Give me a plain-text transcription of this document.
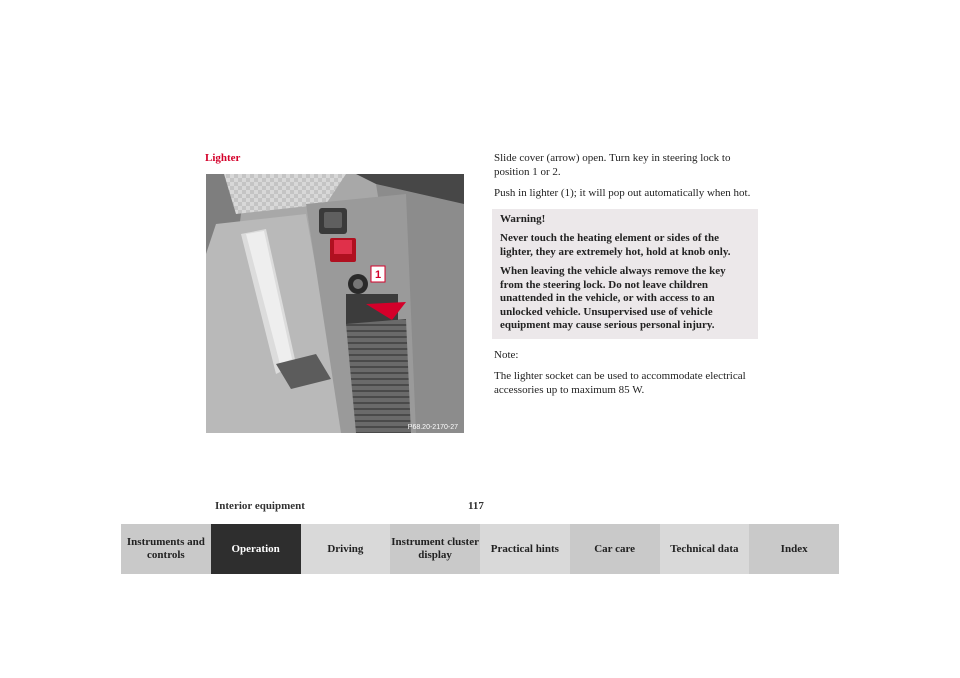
Lighter
1
P68.20-2170-27

Slide cover (arrow) open. Turn key in steering lock to position 1 or 2.

Push in lighter (1); it will pop out automatically when hot.

Warning!
Never touch the heating element or sides of the lighter, they are extremely hot, hold at knob only.
When leaving the vehicle always remove the key from the steering lock. Do not leave children unattended in the vehicle, or with access to an unlocked vehicle. Unsupervised use of vehicle equipment may cause serious personal injury.

Note:

The lighter socket can be used to accommodate electrical accessories up to maximum 85 W.

Interior equipment	117
Instruments and controls
Operation	Driving
Instrument cluster display
Practical hints	Car care	Technical data	Index
